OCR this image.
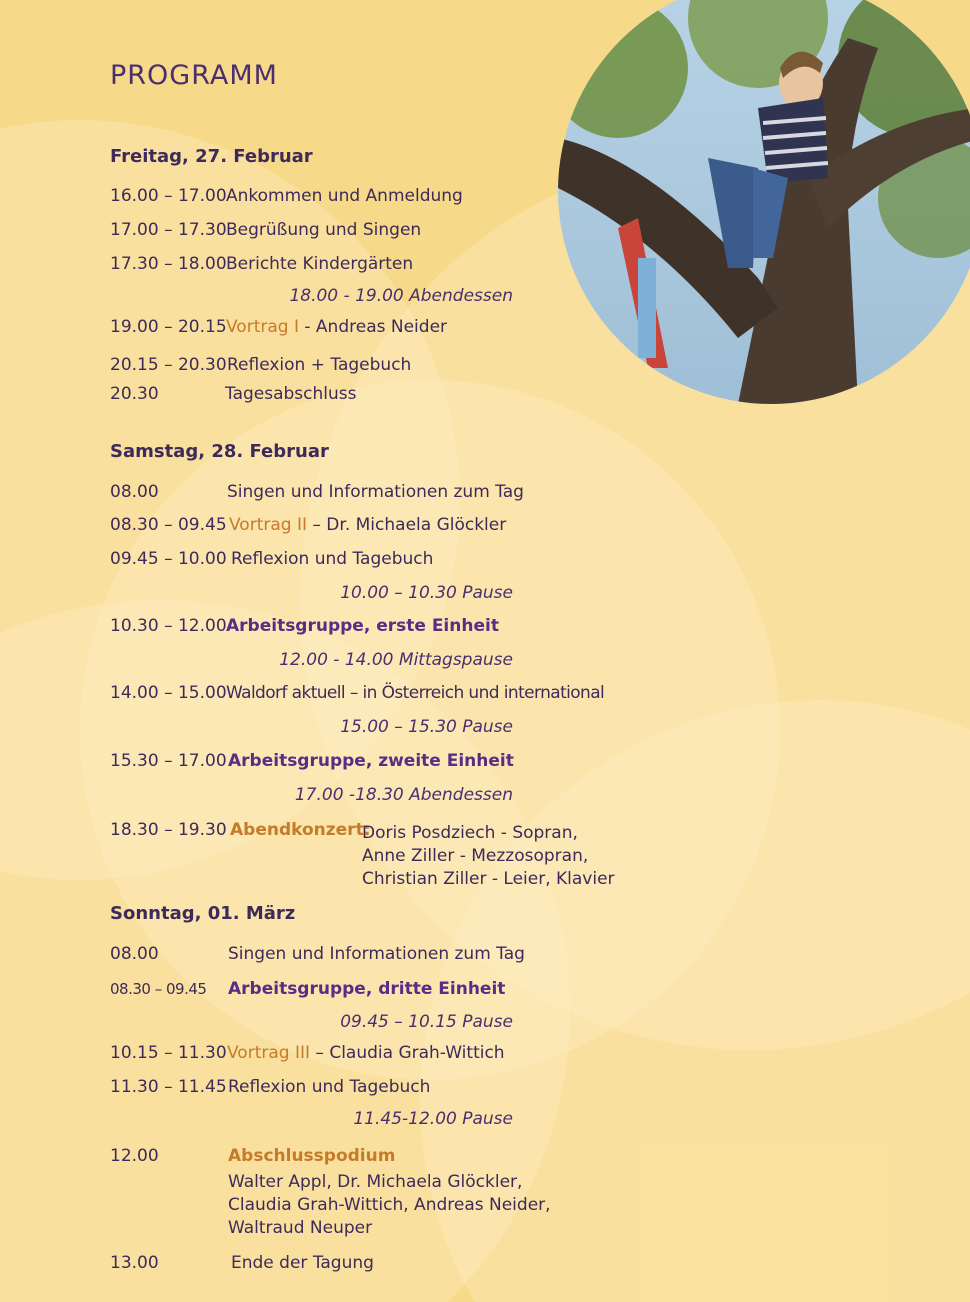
PROGRAMM
Freitag, 27. Februar
16.00 – 17.00 Ankommen und Anmeldung
17.00 – 17.30 Begrüßung und Singen
17.30 – 18.00 Berichte Kindergärten
18.00 - 19.00 Abendessen
19.00 – 20.15 Vortrag I - Andreas Neider
20.15 – 20.30 Reflexion + Tagebuch
20.30	Tagesabschluss
Samstag, 28. Februar
08.00	Singen und Informationen zum Tag
08.30 – 09.45 Vortrag II – Dr. Michaela Glöckler
09.45 – 10.00 Reflexion und Tagebuch
10.00 – 10.30 Pause
10.30 – 12.00 Arbeitsgruppe, erste Einheit
12.00 - 14.00 Mittagspause
14.00 – 15.00 Waldorf aktuell – in Österreich und international
15.00 – 15.30 Pause
15.30 – 17.00 Arbeitsgruppe, zweite Einheit
17.00 -18.30 Abendessen
18.30 – 19.30 Abendkonzert:
Doris Posdziech - Sopran,
Anne Ziller - Mezzosopran,
Christian Ziller - Leier, Klavier
Sonntag, 01. März
08.00	Singen und Informationen zum Tag
08.30 – 09.45 Arbeitsgruppe, dritte Einheit
09.45 – 10.15 Pause
10.15 – 11.30 Vortrag III – Claudia Grah-Wittich
11.30 – 11.45 Reflexion und Tagebuch
11.45-12.00 Pause
12.00	Abschlusspodium
Walter Appl, Dr. Michaela Glöckler,
Claudia Grah-Wittich, Andreas Neider,
Waltraud Neuper
13.00	Ende der Tagung
